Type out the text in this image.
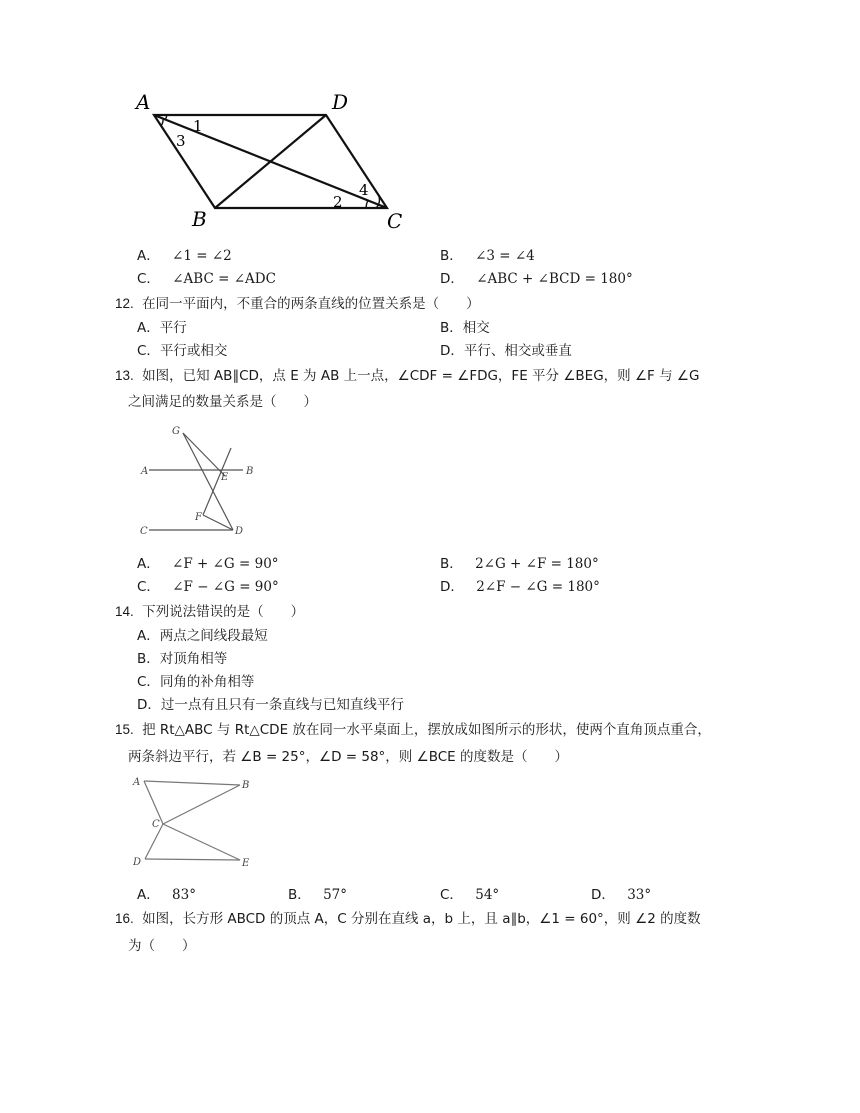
A	D
B	C
1
3
4
2
A． ∠1 = ∠2	B． ∠3 = ∠4
C． ∠ABC = ∠ADC	D． ∠ABC + ∠BCD = 180°
12. 在同一平面内，不重合的两条直线的位置关系是（　　）
A．平行	B．相交
C．平行或相交	D．平行、相交或垂直
13. 如图，已知 AB∥CD，点 E 为 AB 上一点，∠CDF = ∠FDG，FE 平分 ∠BEG，则 ∠F 与 ∠G
之间满足的数量关系是（　　）
G
A
E
B
F
C	D
A． ∠F + ∠G = 90°	B． 2∠G + ∠F = 180°
C． ∠F − ∠G = 90°	D． 2∠F − ∠G = 180°
14. 下列说法错误的是（　　）
A．两点之间线段最短
B．对顶角相等
C．同角的补角相等
D．过一点有且只有一条直线与已知直线平行
15. 把 Rt△ABC 与 Rt△CDE 放在同一水平桌面上，摆放成如图所示的形状，使两个直角顶点重合，
两条斜边平行，若 ∠B = 25°，∠D = 58°，则 ∠BCE 的度数是（　　）
A	B
C
D	E
A． 83°	B． 57°	C． 54°	D． 33°
16. 如图，长方形 ABCD 的顶点 A，C 分别在直线 a，b 上，且 a∥b，∠1 = 60°，则 ∠2 的度数
为（　　）
